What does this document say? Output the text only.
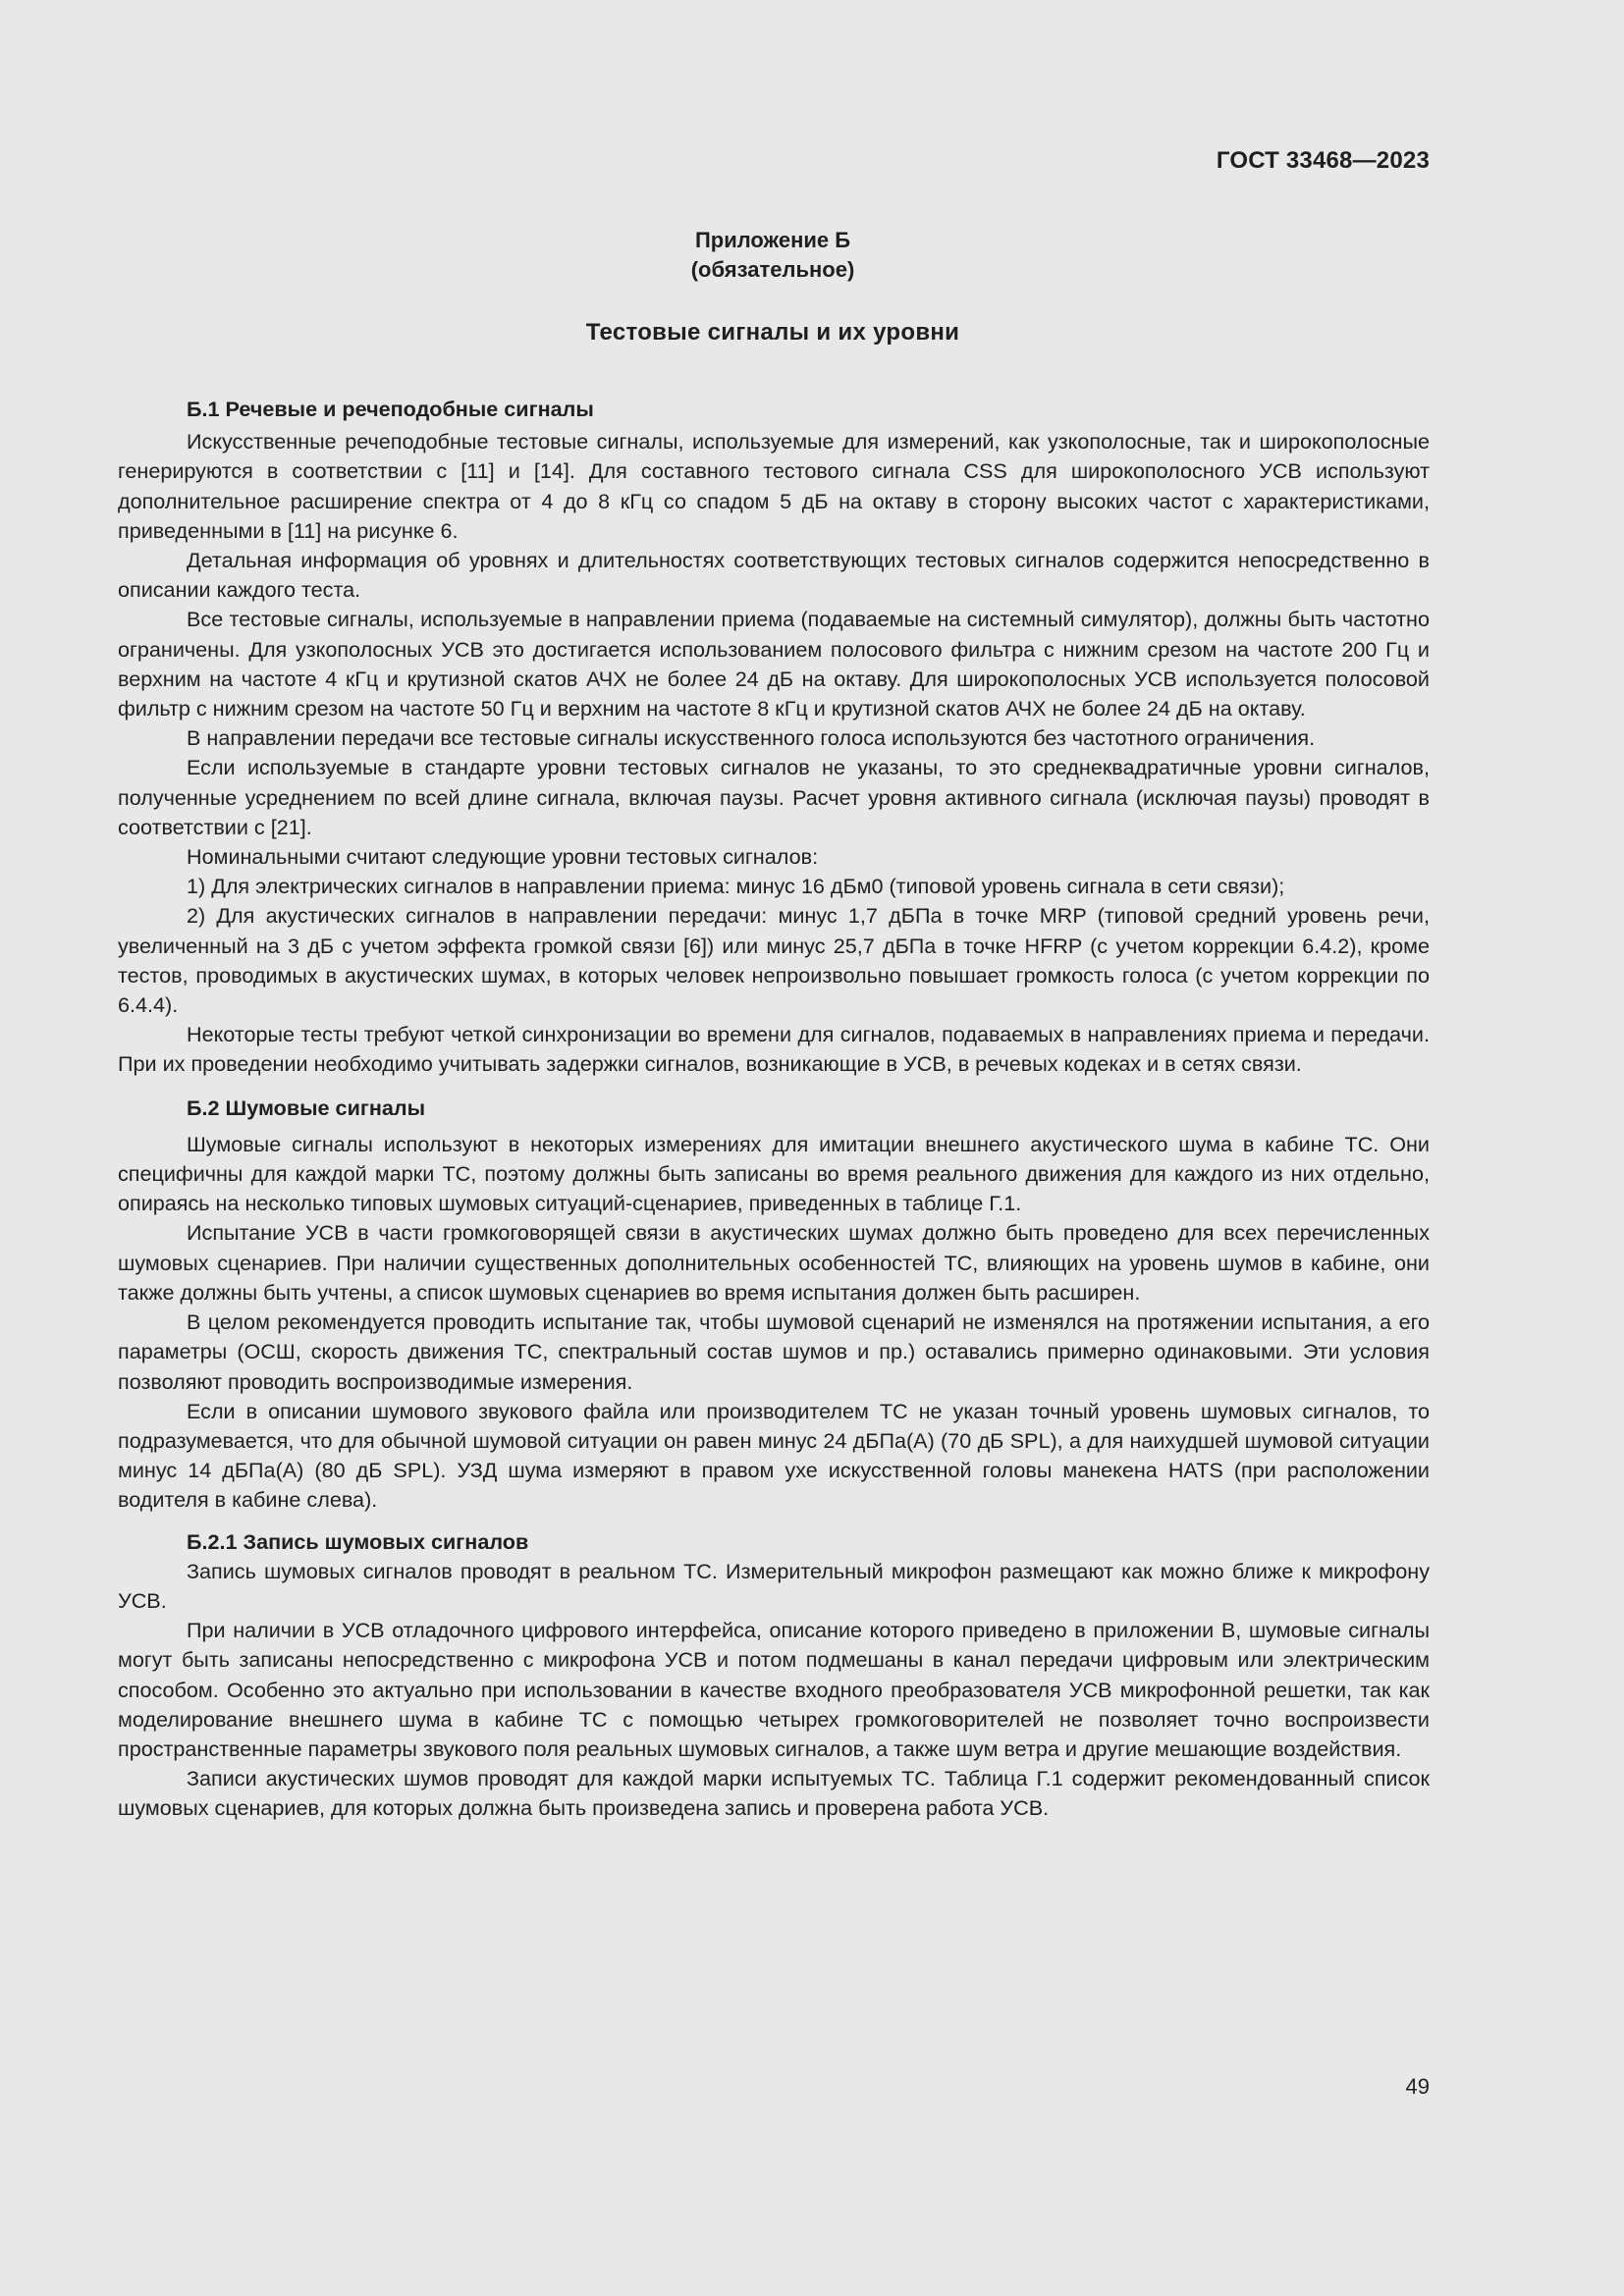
ГОСТ 33468—2023
Приложение Б
(обязательное)
Тестовые сигналы и их уровни
Б.1 Речевые и речеподобные сигналы

Искусственные речеподобные тестовые сигналы, используемые для измерений, как узкополосные, так и широкополосные генерируются в соответствии с [11] и [14]. Для составного тестового сигнала CSS для широкополосного УСВ используют дополнительное расширение спектра от 4 до 8 кГц со спадом 5 дБ на октаву в сторону высоких частот с характеристиками, приведенными в [11] на рисунке 6.

Детальная информация об уровнях и длительностях соответствующих тестовых сигналов содержится непосредственно в описании каждого теста.

Все тестовые сигналы, используемые в направлении приема (подаваемые на системный симулятор), должны быть частотно ограничены. Для узкополосных УСВ это достигается использованием полосового фильтра с нижним срезом на частоте 200 Гц и верхним на частоте 4 кГц и крутизной скатов АЧХ не более 24 дБ на октаву. Для широкополосных УСВ используется полосовой фильтр с нижним срезом на частоте 50 Гц и верхним на частоте 8 кГц и крутизной скатов АЧХ не более 24 дБ на октаву.

В направлении передачи все тестовые сигналы искусственного голоса используются без частотного ограничения.

Если используемые в стандарте уровни тестовых сигналов не указаны, то это среднеквадратичные уровни сигналов, полученные усреднением по всей длине сигнала, включая паузы. Расчет уровня активного сигнала (исключая паузы) проводят в соответствии с [21].

Номинальными считают следующие уровни тестовых сигналов:

1) Для электрических сигналов в направлении приема: минус 16 дБм0 (типовой уровень сигнала в сети связи);

2) Для акустических сигналов в направлении передачи: минус 1,7 дБПа в точке MRP (типовой средний уровень речи, увеличенный на 3 дБ с учетом эффекта громкой связи [6]) или минус 25,7 дБПа в точке HFRP (с учетом коррекции 6.4.2), кроме тестов, проводимых в акустических шумах, в которых человек непроизвольно повышает громкость голоса (с учетом коррекции по 6.4.4).

Некоторые тесты требуют четкой синхронизации во времени для сигналов, подаваемых в направлениях приема и передачи. При их проведении необходимо учитывать задержки сигналов, возникающие в УСВ, в речевых кодеках и в сетях связи.

Б.2 Шумовые сигналы

Шумовые сигналы используют в некоторых измерениях для имитации внешнего акустического шума в кабине ТС. Они специфичны для каждой марки ТС, поэтому должны быть записаны во время реального движения для каждого из них отдельно, опираясь на несколько типовых шумовых ситуаций-сценариев, приведенных в таблице Г.1.

Испытание УСВ в части громкоговорящей связи в акустических шумах должно быть проведено для всех перечисленных шумовых сценариев. При наличии существенных дополнительных особенностей ТС, влияющих на уровень шумов в кабине, они также должны быть учтены, а список шумовых сценариев во время испытания должен быть расширен.

В целом рекомендуется проводить испытание так, чтобы шумовой сценарий не изменялся на протяжении испытания, а его параметры (ОСШ, скорость движения ТС, спектральный состав шумов и пр.) оставались примерно одинаковыми. Эти условия позволяют проводить воспроизводимые измерения.

Если в описании шумового звукового файла или производителем ТС не указан точный уровень шумовых сигналов, то подразумевается, что для обычной шумовой ситуации он равен минус 24 дБПа(А) (70 дБ SPL), а для наихудшей шумовой ситуации минус 14 дБПа(А) (80 дБ SPL). УЗД шума измеряют в правом ухе искусственной головы манекена HATS (при расположении водителя в кабине слева).

Б.2.1 Запись шумовых сигналов

Запись шумовых сигналов проводят в реальном ТС. Измерительный микрофон размещают как можно ближе к микрофону УСВ.

При наличии в УСВ отладочного цифрового интерфейса, описание которого приведено в приложении В, шумовые сигналы могут быть записаны непосредственно с микрофона УСВ и потом подмешаны в канал передачи цифровым или электрическим способом. Особенно это актуально при использовании в качестве входного преобразователя УСВ микрофонной решетки, так как моделирование внешнего шума в кабине ТС с помощью четырех громкоговорителей не позволяет точно воспроизвести пространственные параметры звукового поля реальных шумовых сигналов, а также шум ветра и другие мешающие воздействия.

Записи акустических шумов проводят для каждой марки испытуемых ТС. Таблица Г.1 содержит рекомендованный список шумовых сценариев, для которых должна быть произведена запись и проверена работа УСВ.

49
